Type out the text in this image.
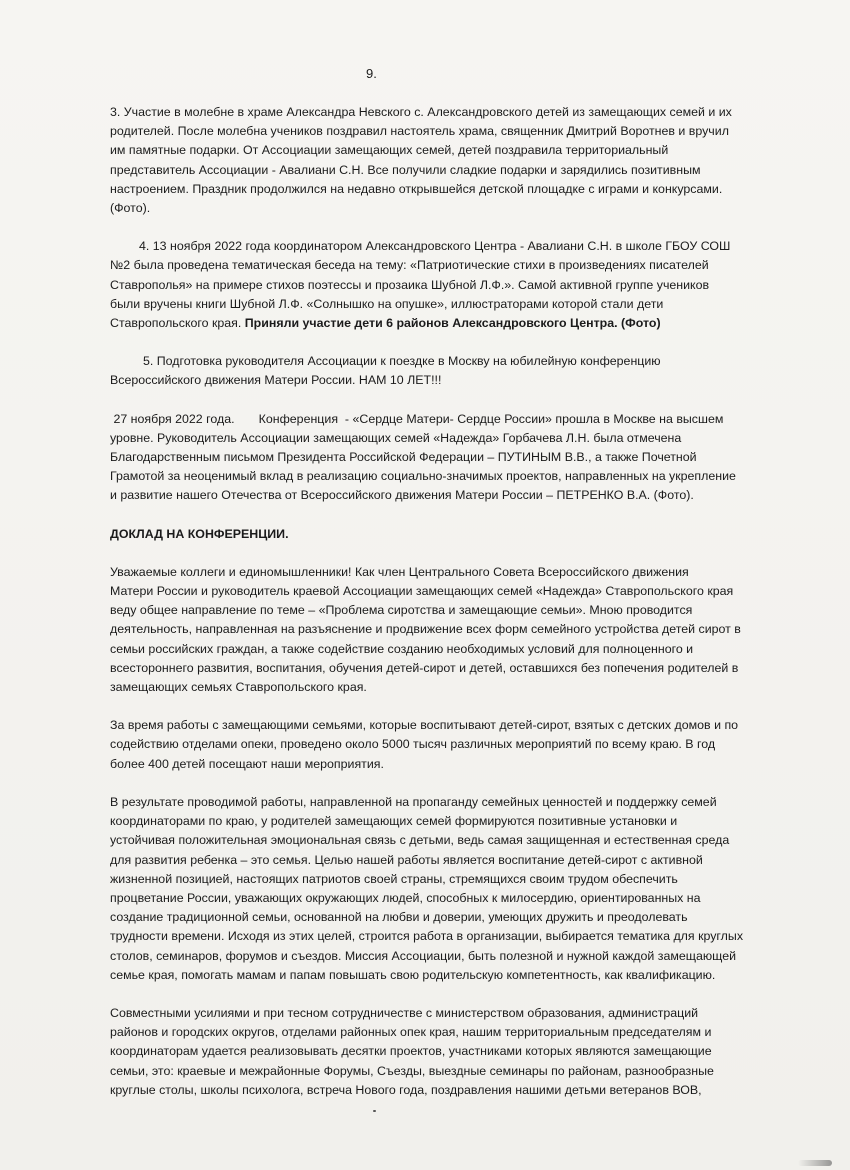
9.
3. Участие в молебне в храме Александра Невского с. Александровского детей из замещающих семей и их
родителей. После молебна учеников поздравил настоятель храма, священник Дмитрий Воротнев и вручил
им памятные подарки. От Ассоциации замещающих семей, детей поздравила территориальный
представитель Ассоциации - Авалиани С.Н. Все получили сладкие подарки и зарядились позитивным
настроением. Праздник продолжился на недавно открывшейся детской площадке с играми и конкурсами.
(Фото).
4. 13 ноября 2022 года координатором Александровского Центра - Авалиани С.Н. в школе ГБОУ СОШ
№2 была проведена тематическая беседа на тему: «Патриотические стихи в произведениях писателей
Ставрополья» на примере стихов поэтессы и прозаика Шубной Л.Ф.». Самой активной группе учеников
были вручены книги Шубной Л.Ф. «Солнышко на опушке», иллюстраторами которой стали дети
Ставропольского края. Приняли участие дети 6 районов Александровского Центра. (Фото)
5. Подготовка руководителя Ассоциации к поездке в Москву на юбилейную конференцию
Всероссийского движения Матери России. НАМ 10 ЛЕТ!!!
27 ноября 2022 года.       Конференция  - «Сердце Матери- Сердце России» прошла в Москве на высшем
уровне. Руководитель Ассоциации замещающих семей «Надежда» Горбачева Л.Н. была отмечена
Благодарственным письмом Президента Российской Федерации – ПУТИНЫМ В.В., а также Почетной
Грамотой за неоценимый вклад в реализацию социально-значимых проектов, направленных на укрепление
и развитие нашего Отечества от Всероссийского движения Матери России – ПЕТРЕНКО В.А. (Фото).
ДОКЛАД НА КОНФЕРЕНЦИИ.
Уважаемые коллеги и единомышленники! Как член Центрального Совета Всероссийского движения
Матери России и руководитель краевой Ассоциации замещающих семей «Надежда» Ставропольского края
веду общее направление по теме – «Проблема сиротства и замещающие семьи». Мною проводится
деятельность, направленная на разъяснение и продвижение всех форм семейного устройства детей сирот в
семьи российских граждан, а также содействие созданию необходимых условий для полноценного и
всестороннего развития, воспитания, обучения детей-сирот и детей, оставшихся без попечения родителей в
замещающих семьях Ставропольского края.
За время работы с замещающими семьями, которые воспитывают детей-сирот, взятых с детских домов и по
содействию отделами опеки, проведено около 5000 тысяч различных мероприятий по всему краю. В год
более 400 детей посещают наши мероприятия.
В результате проводимой работы, направленной на пропаганду семейных ценностей и поддержку семей
координаторами по краю, у родителей замещающих семей формируются позитивные установки и
устойчивая положительная эмоциональная связь с детьми, ведь самая защищенная и естественная среда
для развития ребенка – это семья. Целью нашей работы является воспитание детей-сирот с активной
жизненной позицией, настоящих патриотов своей страны, стремящихся своим трудом обеспечить
процветание России, уважающих окружающих людей, способных к милосердию, ориентированных на
создание традиционной семьи, основанной на любви и доверии, умеющих дружить и преодолевать
трудности времени. Исходя из этих целей, строится работа в организации, выбирается тематика для круглых
столов, семинаров, форумов и съездов. Миссия Ассоциации, быть полезной и нужной каждой замещающей
семье края, помогать мамам и папам повышать свою родительскую компетентность, как квалификацию.
Совместными усилиями и при тесном сотрудничестве с министерством образования, администраций
районов и городских округов, отделами районных опек края, нашим территориальным председателям и
координаторам удается реализовывать десятки проектов, участниками которых являются замещающие
семьи, это: краевые и межрайонные Форумы, Съезды, выездные семинары по районам, разнообразные
круглые столы, школы психолога, встреча Нового года, поздравления нашими детьми ветеранов ВОВ,
